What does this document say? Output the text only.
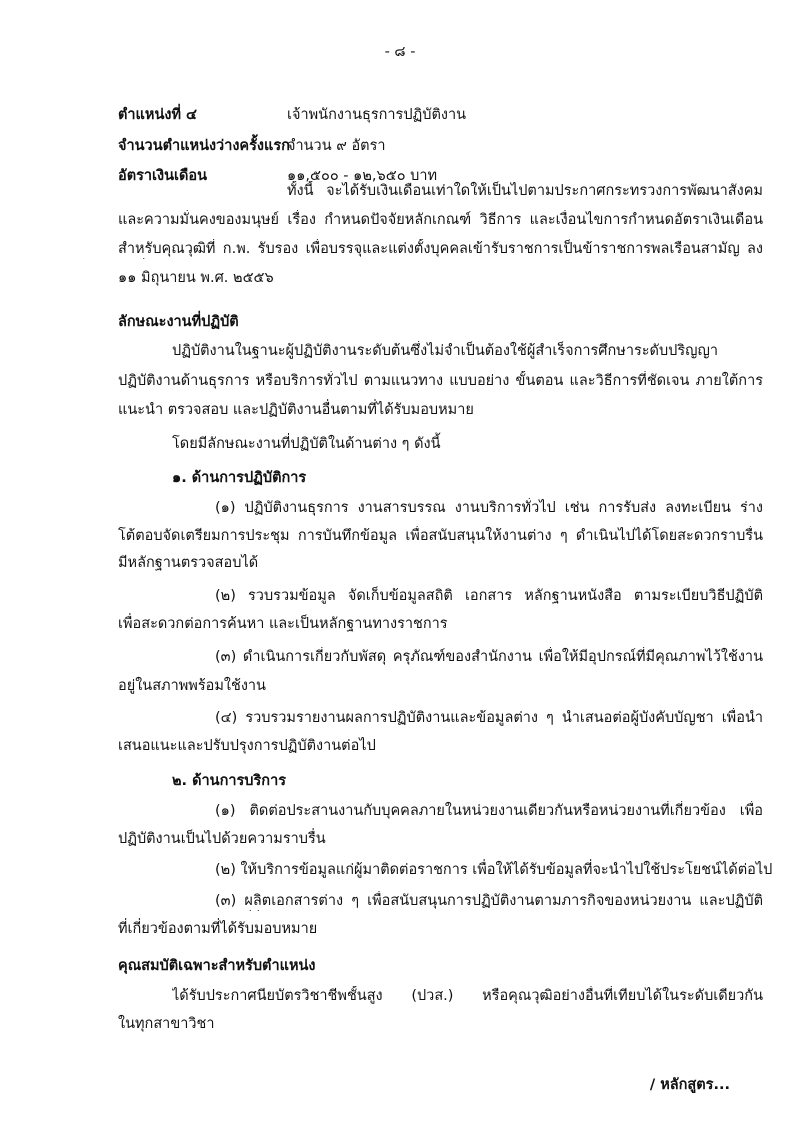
- ๘ -
ตำแหน่งที่ ๔	เจ้าพนักงานธุรการปฏิบัติงาน
จำนวนตำแหน่งว่างครั้งแรก
จำนวน ๙ อัตรา
อัตราเงินเดือน	๑๑,๕๐๐ - ๑๒,๖๕๐ บาท
ทั้งนี้ จะได้รับเงินเดือนเท่าใดให้เป็นไปตามประกาศกระทรวงการพัฒนาสังคม
และความมั่นคงของมนุษย์ เรื่อง กำหนดปัจจัยหลักเกณฑ์ วิธีการ และเงื่อนไขการกำหนดอัตราเงินเดือน
สำหรับคุณวุฒิที่ ก.พ. รับรอง เพื่อบรรจุและแต่งตั้งบุคคลเข้ารับราชการเป็นข้าราชการพลเรือนสามัญ ลง
๑๑ มิถุนายน พ.ศ. ๒๕๕๖
ลักษณะงานที่ปฏิบัติ
ปฏิบัติงานในฐานะผู้ปฏิบัติงานระดับต้นซึ่งไม่จำเป็นต้องใช้ผู้สำเร็จการศึกษาระดับปริญญา
ปฏิบัติงานด้านธุรการ หรือบริการทั่วไป ตามแนวทาง แบบอย่าง ขั้นตอน และวิธีการที่ชัดเจน ภายใต้การ
แนะนำ ตรวจสอบ และปฏิบัติงานอื่นตามที่ได้รับมอบหมาย
โดยมีลักษณะงานที่ปฏิบัติในด้านต่าง ๆ ดังนี้
๑. ด้านการปฏิบัติการ
(๑) ปฏิบัติงานธุรการ งานสารบรรณ งานบริการทั่วไป เช่น การรับส่ง ลงทะเบียน ร่าง
โต้ตอบจัดเตรียมการประชุม การบันทึกข้อมูล เพื่อสนับสนุนให้งานต่าง ๆ ดำเนินไปได้โดยสะดวกราบรื่น
มีหลักฐานตรวจสอบได้
(๒) รวบรวมข้อมูล จัดเก็บข้อมูลสถิติ เอกสาร หลักฐานหนังสือ ตามระเบียบวิธีปฏิบัติ
เพื่อสะดวกต่อการค้นหา และเป็นหลักฐานทางราชการ
(๓) ดำเนินการเกี่ยวกับพัสดุ ครุภัณฑ์ของสำนักงาน เพื่อให้มีอุปกรณ์ที่มีคุณภาพไว้ใช้งาน
อยู่ในสภาพพร้อมใช้งาน
(๔) รวบรวมรายงานผลการปฏิบัติงานและข้อมูลต่าง ๆ นำเสนอต่อผู้บังคับบัญชา เพื่อนำ
เสนอแนะและปรับปรุงการปฏิบัติงานต่อไป
๒. ด้านการบริการ
(๑) ติดต่อประสานงานกับบุคคลภายในหน่วยงานเดียวกันหรือหน่วยงานที่เกี่ยวข้อง เพื่อ
ปฏิบัติงานเป็นไปด้วยความราบรื่น
(๒) ให้บริการข้อมูลแก่ผู้มาติดต่อราชการ เพื่อให้ได้รับข้อมูลที่จะนำไปใช้ประโยชน์ได้ต่อไป
(๓) ผลิตเอกสารต่าง ๆ เพื่อสนับสนุนการปฏิบัติงานตามภารกิจของหน่วยงาน และปฏิบัติ
ที่เกี่ยวข้องตามที่ได้รับมอบหมาย
คุณสมบัติเฉพาะสำหรับตำแหน่ง
ได้รับประกาศนียบัตรวิชาชีพชั้นสูง (ปวส.) หรือคุณวุฒิอย่างอื่นที่เทียบได้ในระดับเดียวกัน
ในทุกสาขาวิชา
/ หลักสูตร...
